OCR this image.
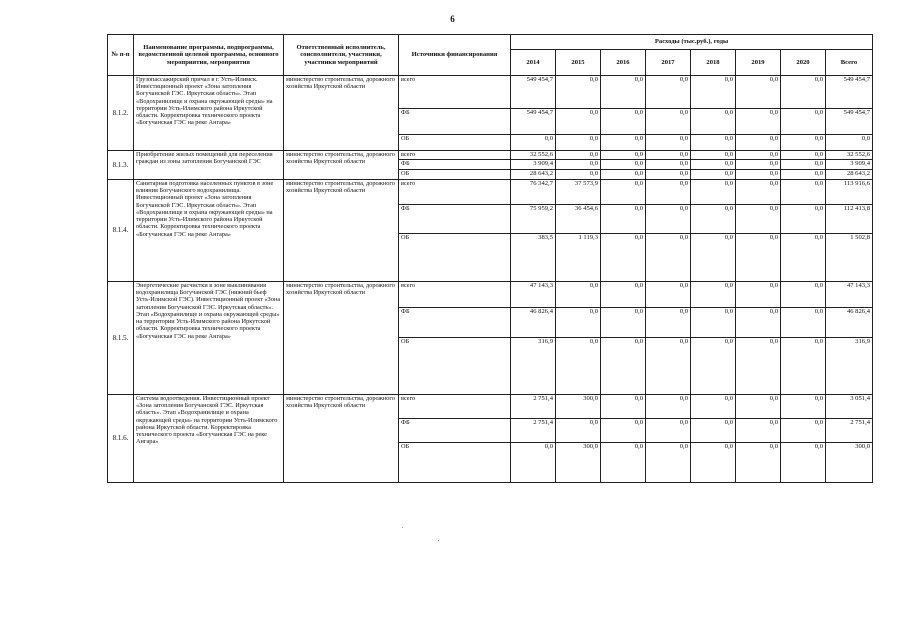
6
№ п-п	Наименование программы, подпрограммы, ведомственной целевой программы, основного мероприятия, мероприятия	Ответственный исполнитель, соисполнители, участники, участники мероприятий	Источники финансирования	Расходы (тыс.руб.), годы							
				2014	2015	2016	2017	2018	2019	2020	Всего
8.1.2.	Грузопассажирский причал в г. Усть-Илимск. Инвестиционный проект «Зона затопления Богучанской ГЭС. Иркутская область». Этап «Водохранилище и охрана окружающей среды» на территории Усть-Илимского района Иркутской области. Корректировка технического проекта «Богучанская ГЭС на реке Ангара»	министерство строительства, дорожного хозяйства Иркутской области	всего	549 454,7	0,0	0,0	0,0	0,0	0,0	0,0	549 454,7
			ФБ	549 454,7	0,0	0,0	0,0	0,0	0,0	0,0	549 454,7
			ОБ	0,0	0,0	0,0	0,0	0,0	0,0	0,0	0,0
8.1.3.	Приобретение жилых помещений для переселения граждан из зоны затопления Богучанской ГЭС	министерство строительства, дорожного хозяйства Иркутской области	всего	32 552,6	0,0	0,0	0,0	0,0	0,0	0,0	32 552,6
			ФБ	3 909,4	0,0	0,0	0,0	0,0	0,0	0,0	3 909,4
			ОБ	28 643,2	0,0	0,0	0,0	0,0	0,0	0,0	28 643,2
8.1.4.	Санитарная подготовка населенных пунктов в зоне влияния Богучанского водохранилища. Инвестиционный проект «Зона затопления Богучанской ГЭС. Иркутская область». Этап «Водохранилище и охрана окружающей среды» на территории Усть-Илимского района Иркутской области. Корректировка технического проекта «Богучанская ГЭС на реке Ангара»	министерство строительства, дорожного хозяйства Иркутской области	всего	76 342,7	37 573,9	0,0	0,0	0,0	0,0	0,0	113 916,6
			ФБ	75 959,2	36 454,6	0,0	0,0	0,0	0,0	0,0	112 413,8
			ОБ	383,5	1 119,3	0,0	0,0	0,0	0,0	0,0	1 502,8
8.1.5.	Энергетические расчистки в зоне выклинивания водохранилища Богучанской ГЭС (нижний бьеф Усть-Илимской ГЭС). Инвестиционный проект «Зона затопления Богучанской ГЭС. Иркутская область». Этап «Водохранилище и охрана окружающей среды» на территории Усть-Илимского района Иркутской области. Корректировка технического проекта «Богучанская ГЭС на реке Ангара»	министерство строительства, дорожного хозяйства Иркутской области	всего	47 143,3	0,0	0,0	0,0	0,0	0,0	0,0	47 143,3
			ФБ	46 826,4	0,0	0,0	0,0	0,0	0,0	0,0	46 826,4
			ОБ	316,9	0,0	0,0	0,0	0,0	0,0	0,0	316,9
8.1.6.	Система водоотведения. Инвестиционный проект «Зона затопления Богучанской ГЭС. Иркутская область». Этап «Водохранилище и охрана окружающей среды» на территории Усть-Илимского района Иркутской области. Корректировка технического проекта «Богучанская ГЭС на реке Ангара»	министерство строительства, дорожного хозяйства Иркутской области	всего	2 751,4	300,0	0,0	0,0	0,0	0,0	0,0	3 051,4
			ФБ	2 751,4	0,0	0,0	0,0	0,0	0,0	0,0	2 751,4
			ОБ	0,0	300,0	0,0	0,0	0,0	0,0	0,0	300,0
